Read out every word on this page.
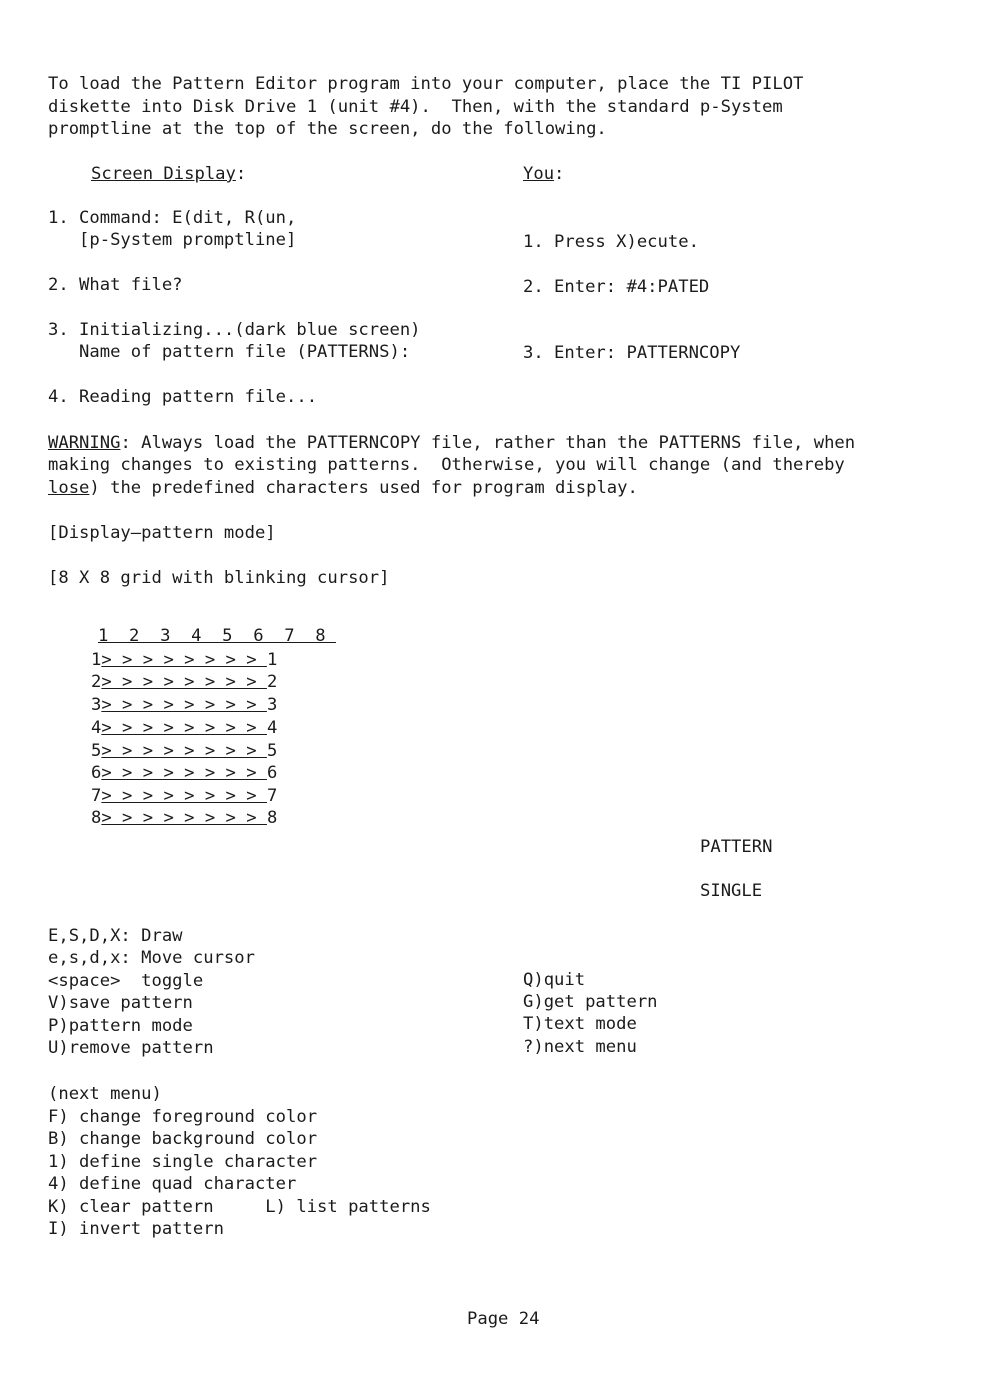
To load the Pattern Editor program into your computer, place the TI PILOT

diskette into Disk Drive 1 (unit #4).  Then, with the standard p-System

promptline at the top of the screen, do the following.

Screen Display:	You:

1. Command: E(dit, R(un,

[p-System promptline]	1. Press X)ecute.

2. What file?	2. Enter: #4:PATED

3. Initializing...(dark blue screen)

Name of pattern file (PATTERNS):	3. Enter: PATTERNCOPY

4. Reading pattern file...

WARNING: Always load the PATTERNCOPY file, rather than the PATTERNS file, when

making changes to existing patterns.  Otherwise, you will change (and thereby

lose) the predefined characters used for program display.

[Display—pattern mode]

[8 X 8 grid with blinking cursor]

1  2  3  4  5  6  7  8

1> > > > > > > > 1

2> > > > > > > > 2

3> > > > > > > > 3

4> > > > > > > > 4

5> > > > > > > > 5

6> > > > > > > > 6

7> > > > > > > > 7

8> > > > > > > > 8

PATTERN

SINGLE

E,S,D,X: Draw

e,s,d,x: Move cursor

<space>  toggle

V)save pattern

P)pattern mode

U)remove pattern

Q)quit

G)get pattern

T)text mode

?)next menu

(next menu)

F) change foreground color

B) change background color

1) define single character

4) define quad character

K) clear pattern     L) list patterns

I) invert pattern

Page 24
